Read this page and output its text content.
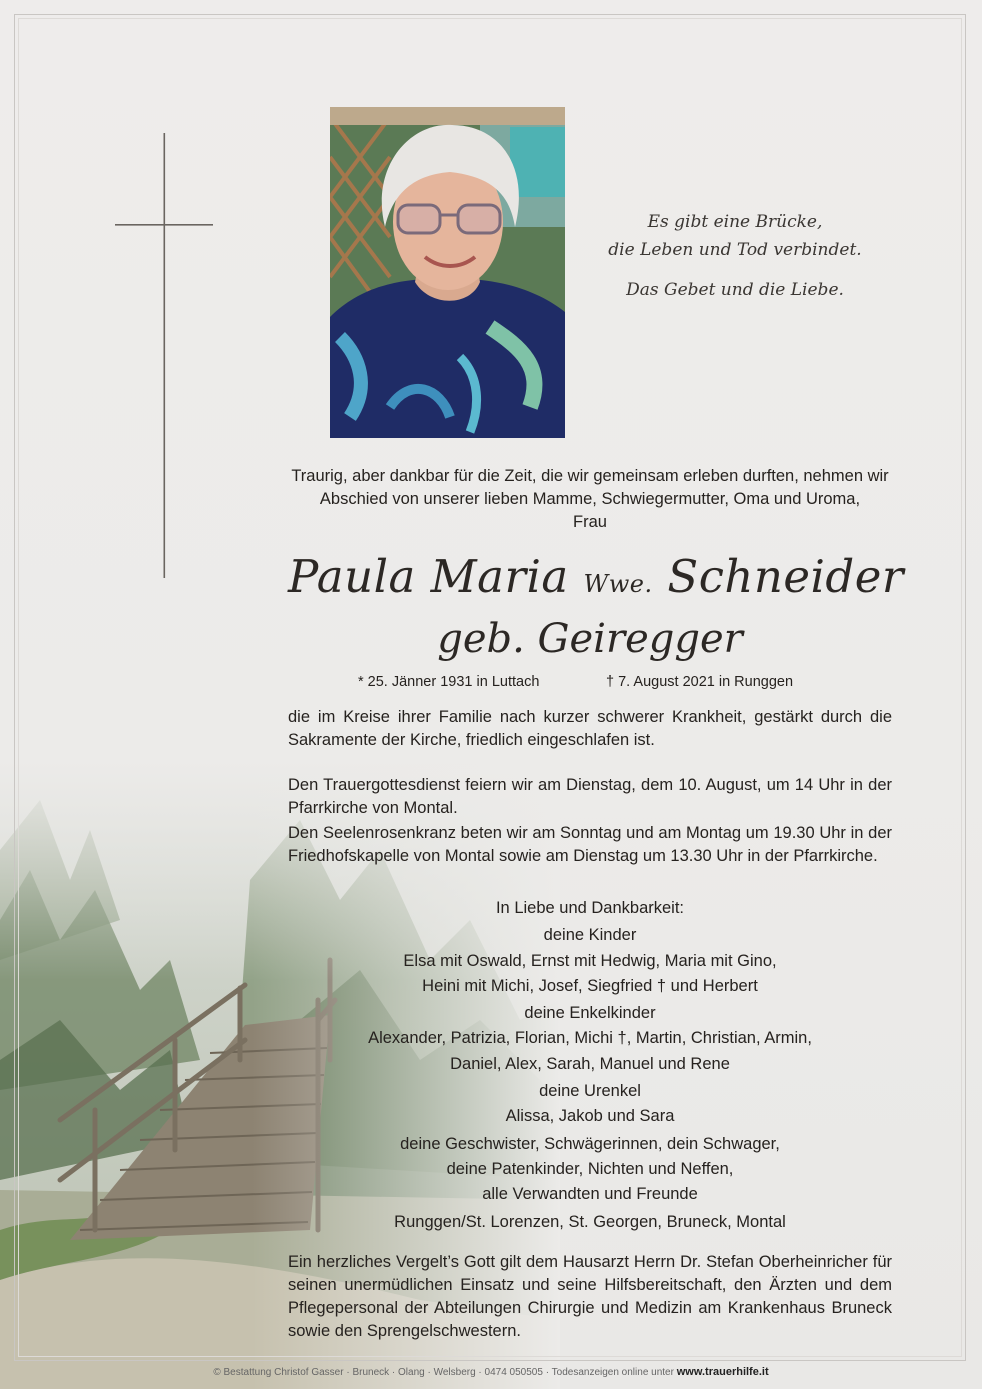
Es gibt eine Brücke,
die Leben und Tod verbindet.
Das Gebet und die Liebe.
Traurig, aber dankbar für die Zeit, die wir gemeinsam erleben durften, nehmen wir Abschied von unserer lieben Mamme, Schwiegermutter, Oma und Uroma,
Frau
Paula Maria Wwe. Schneider
geb. Geiregger
* 25. Jänner 1931 in Luttach	† 7. August 2021 in Runggen
die im Kreise ihrer Familie nach kurzer schwerer Krankheit, gestärkt durch die Sakramente der Kirche, friedlich eingeschlafen ist.
Den Trauergottesdienst feiern wir am Dienstag, dem 10. August, um 14 Uhr in der Pfarrkirche von Montal.
Den Seelenrosenkranz beten wir am Sonntag und am Montag um 19.30 Uhr in der Friedhofskapelle von Montal sowie am Dienstag um 13.30 Uhr in der Pfarrkirche.
In Liebe und Dankbarkeit:
deine Kinder
Elsa mit Oswald, Ernst mit Hedwig, Maria mit Gino,
Heini mit Michi, Josef, Siegfried † und Herbert
deine Enkelkinder
Alexander, Patrizia, Florian, Michi †, Martin, Christian, Armin,
Daniel, Alex, Sarah, Manuel und Rene
deine Urenkel
Alissa, Jakob und Sara
deine Geschwister, Schwägerinnen, dein Schwager,
deine Patenkinder, Nichten und Neffen,
alle Verwandten und Freunde
Runggen/St. Lorenzen, St. Georgen, Bruneck, Montal
Ein herzliches Vergelt’s Gott gilt dem Hausarzt Herrn Dr. Stefan Oberheinricher für seinen unermüdlichen Einsatz und seine Hilfsbereitschaft, den Ärzten und dem Pflegepersonal der Abteilungen Chirurgie und Medizin am Krankenhaus Bruneck sowie den Sprengelschwestern.
© Bestattung Christof Gasser · Bruneck · Olang · Welsberg · 0474 050505 · Todesanzeigen online unter www.trauerhilfe.it
